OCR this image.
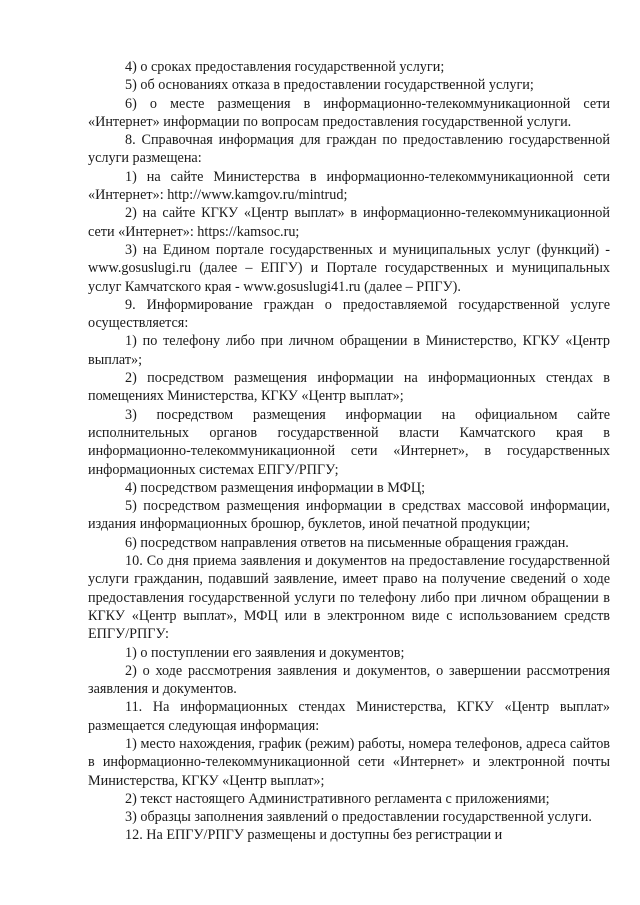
4) о сроках предоставления государственной услуги;

5) об основаниях отказа в предоставлении государственной услуги;

6) о месте размещения в информационно-телекоммуникационной сети «Интернет» информации по вопросам предоставления государственной услуги.

8. Справочная информация для граждан по предоставлению государственной услуги размещена:

1) на сайте Министерства в информационно-телекоммуникационной сети «Интернет»: http://www.kamgov.ru/mintrud;

2) на сайте КГКУ «Центр выплат» в информационно-телекоммуникационной сети «Интернет»: https://kamsoc.ru;

3) на Едином портале государственных и муниципальных услуг (функций) - www.gosuslugi.ru (далее – ЕПГУ) и Портале государственных и муниципальных услуг Камчатского края - www.gosuslugi41.ru (далее – РПГУ).

9. Информирование граждан о предоставляемой государственной услуге осуществляется:

1) по телефону либо при личном обращении в Министерство, КГКУ «Центр выплат»;

2) посредством размещения информации на информационных стендах в помещениях Министерства, КГКУ «Центр выплат»;

3) посредством размещения информации на официальном сайте исполнительных органов государственной власти Камчатского края в информационно-телекоммуникационной сети «Интернет», в государственных информационных системах ЕПГУ/РПГУ;

4) посредством размещения информации в МФЦ;

5) посредством размещения информации в средствах массовой информации, издания информационных брошюр, буклетов, иной печатной продукции;

6) посредством направления ответов на письменные обращения граждан.

10. Со дня приема заявления и документов на предоставление государственной услуги гражданин, подавший заявление, имеет право на получение сведений о ходе предоставления государственной услуги по телефону либо при личном обращении в КГКУ «Центр выплат», МФЦ или в электронном виде с использованием средств ЕПГУ/РПГУ:

1) о поступлении его заявления и документов;

2) о ходе рассмотрения заявления и документов, о завершении рассмотрения заявления и документов.

11. На информационных стендах Министерства, КГКУ «Центр выплат» размещается следующая информация:

1) место нахождения, график (режим) работы, номера телефонов, адреса сайтов в информационно-телекоммуникационной сети «Интернет» и электронной почты Министерства, КГКУ «Центр выплат»;

2) текст настоящего Административного регламента с приложениями;

3) образцы заполнения заявлений о предоставлении государственной услуги.

12. На ЕПГУ/РПГУ размещены и доступны без регистрации и
